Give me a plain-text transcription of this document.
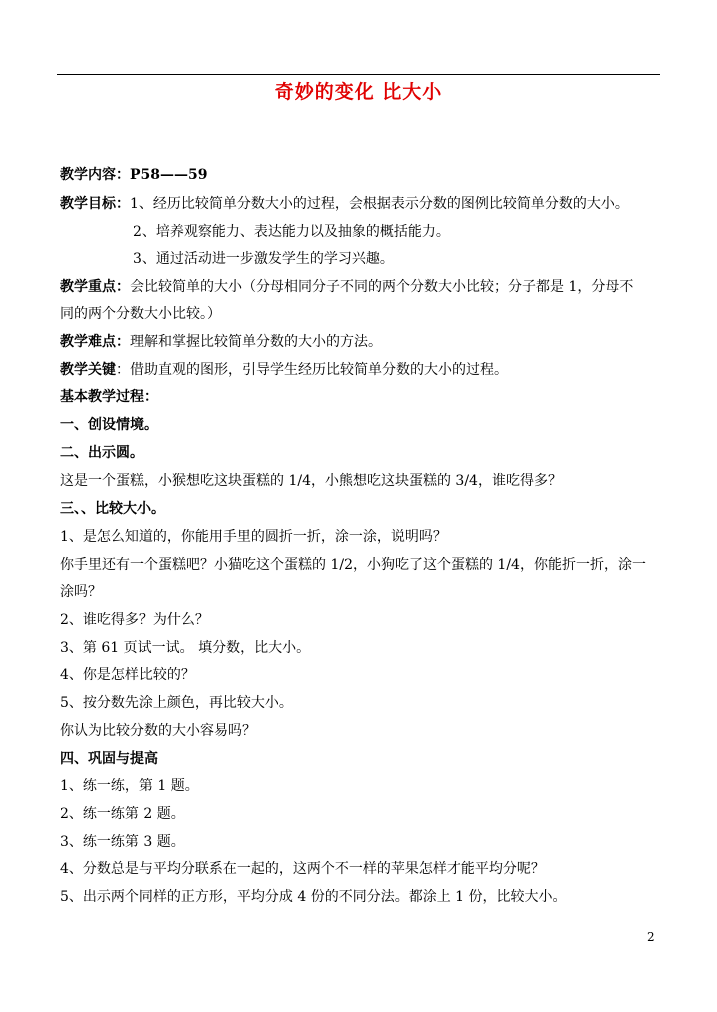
奇妙的变化 比大小
教学内容：P58——59
教学目标：1、经历比较简单分数大小的过程，会根据表示分数的图例比较简单分数的大小。
2、培养观察能力、表达能力以及抽象的概括能力。
3、通过活动进一步激发学生的学习兴趣。
教学重点：会比较简单的大小（分母相同分子不同的两个分数大小比较；分子都是 1，分母不
同的两个分数大小比较。）
教学难点：理解和掌握比较简单分数的大小的方法。
教学关键：借助直观的图形，引导学生经历比较简单分数的大小的过程。
基本教学过程：
一、创设情境。
二、出示圆。
这是一个蛋糕，小猴想吃这块蛋糕的 1/4，小熊想吃这块蛋糕的 3/4，谁吃得多？
三、、比较大小。
1、是怎么知道的，你能用手里的圆折一折，涂一涂，说明吗？
你手里还有一个蛋糕吧？小猫吃这个蛋糕的 1/2，小狗吃了这个蛋糕的 1/4，你能折一折，涂一
涂吗？
2、谁吃得多？为什么？
3、第 61 页试一试。 填分数，比大小。
4、你是怎样比较的？
5、按分数先涂上颜色，再比较大小。
你认为比较分数的大小容易吗？
四、巩固与提高
1、练一练，第 1 题。
2、练一练第 2 题。
3、练一练第 3 题。
4、分数总是与平均分联系在一起的，这两个不一样的苹果怎样才能平均分呢？
5、出示两个同样的正方形，平均分成 4 份的不同分法。都涂上 1 份，比较大小。
2
